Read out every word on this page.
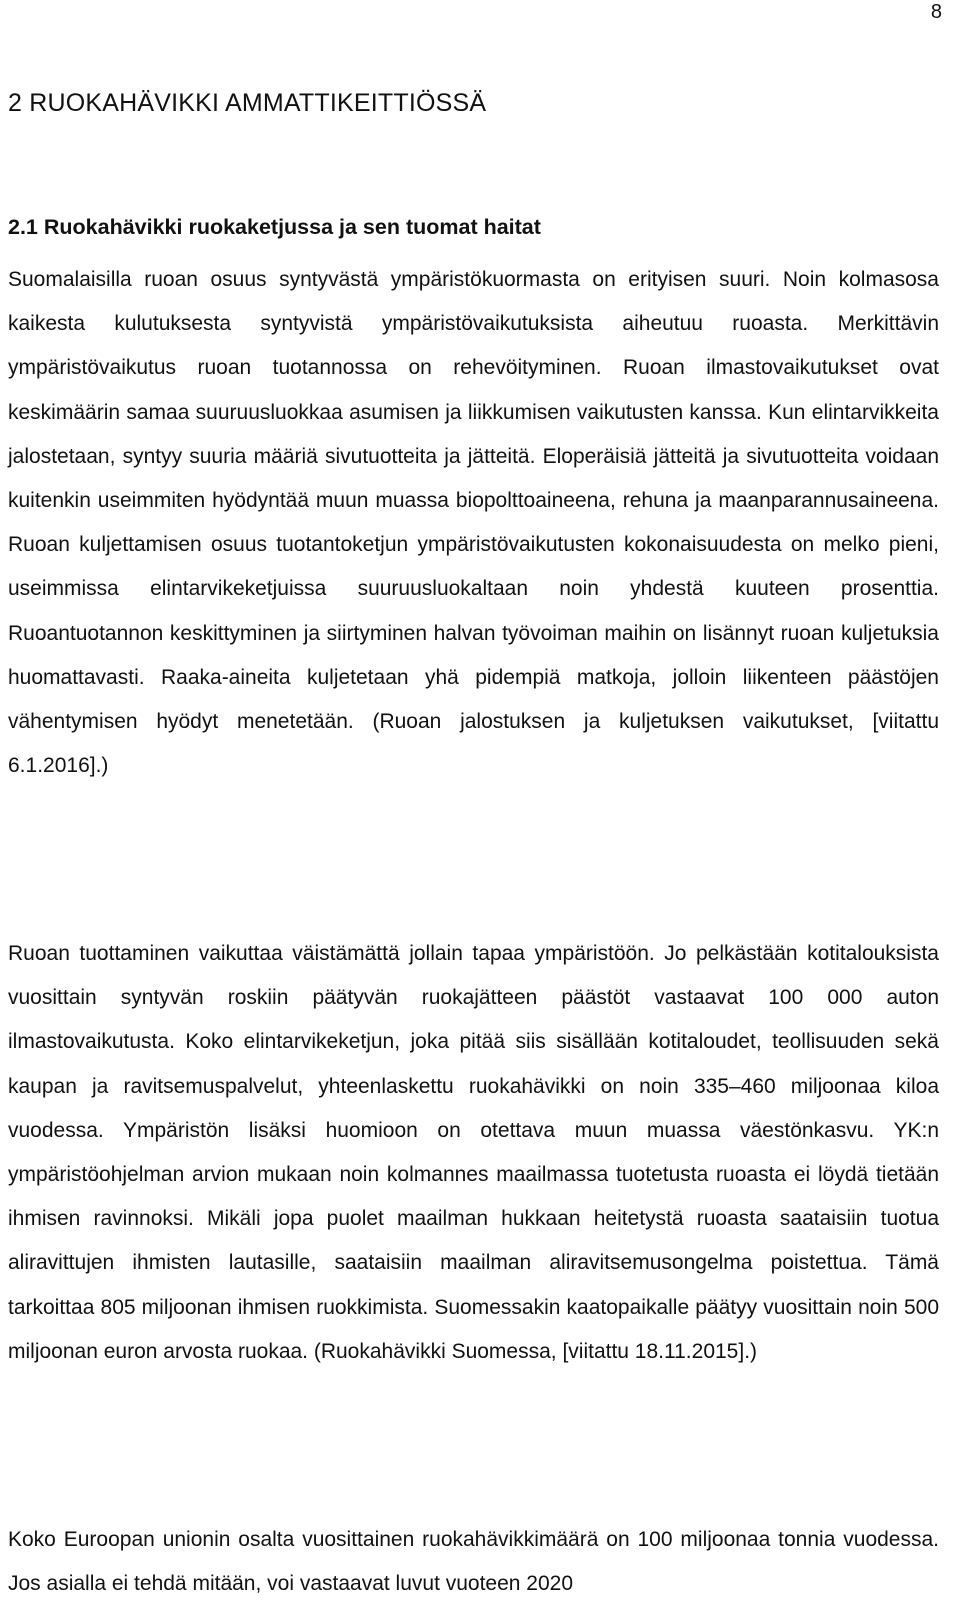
8
2 RUOKAHÄVIKKI AMMATTIKEITTIÖSSÄ
2.1 Ruokahävikki ruokaketjussa ja sen tuomat haitat

Suomalaisilla ruoan osuus syntyvästä ympäristökuormasta on erityisen suuri. Noin kolmasosa kaikesta kulutuksesta syntyvistä ympäristövaikutuksista aiheutuu ruoasta. Merkittävin ympäristövaikutus ruoan tuotannossa on rehevöityminen. Ruoan ilmastovaikutukset ovat keskimäärin samaa suuruusluokkaa asumisen ja liikkumisen vaikutusten kanssa. Kun elintarvikkeita jalostetaan, syntyy suuria määriä sivutuotteita ja jätteitä. Eloperäisiä jätteitä ja sivutuotteita voidaan kuitenkin useimmiten hyödyntää muun muassa biopolttoaineena, rehuna ja maanparannusaineena. Ruoan kuljettamisen osuus tuotantoketjun ympäristövaikutusten kokonaisuudesta on melko pieni, useimmissa elintarvikeketjuissa suuruusluokaltaan noin yhdestä kuuteen prosenttia. Ruoantuotannon keskittyminen ja siirtyminen halvan työvoiman maihin on lisännyt ruoan kuljetuksia huomattavasti. Raaka-aineita kuljetetaan yhä pidempiä matkoja, jolloin liikenteen päästöjen vähentymisen hyödyt menetetään. (Ruoan jalostuksen ja kuljetuksen vaikutukset, [viitattu 6.1.2016].)

Ruoan tuottaminen vaikuttaa väistämättä jollain tapaa ympäristöön. Jo pelkästään kotitalouksista vuosittain syntyvän roskiin päätyvän ruokajätteen päästöt vastaavat 100 000 auton ilmastovaikutusta. Koko elintarvikeketjun, joka pitää siis sisällään kotitaloudet, teollisuuden sekä kaupan ja ravitsemuspalvelut, yhteenlaskettu ruokahävikki on noin 335–460 miljoonaa kiloa vuodessa. Ympäristön lisäksi huomioon on otettava muun muassa väestönkasvu. YK:n ympäristöohjelman arvion mukaan noin kolmannes maailmassa tuotetusta ruoasta ei löydä tietään ihmisen ravinnoksi. Mikäli jopa puolet maailman hukkaan heitetystä ruoasta saataisiin tuotua aliravittujen ihmisten lautasille, saataisiin maailman aliravitsemusongelma poistettua. Tämä tarkoittaa 805 miljoonan ihmisen ruokkimista. Suomessakin kaatopaikalle päätyy vuosittain noin 500 miljoonan euron arvosta ruokaa. (Ruokahävikki Suomessa, [viitattu 18.11.2015].)

Koko Euroopan unionin osalta vuosittainen ruokahävikkimäärä on 100 miljoonaa tonnia vuodessa. Jos asialla ei tehdä mitään, voi vastaavat luvut vuoteen 2020
